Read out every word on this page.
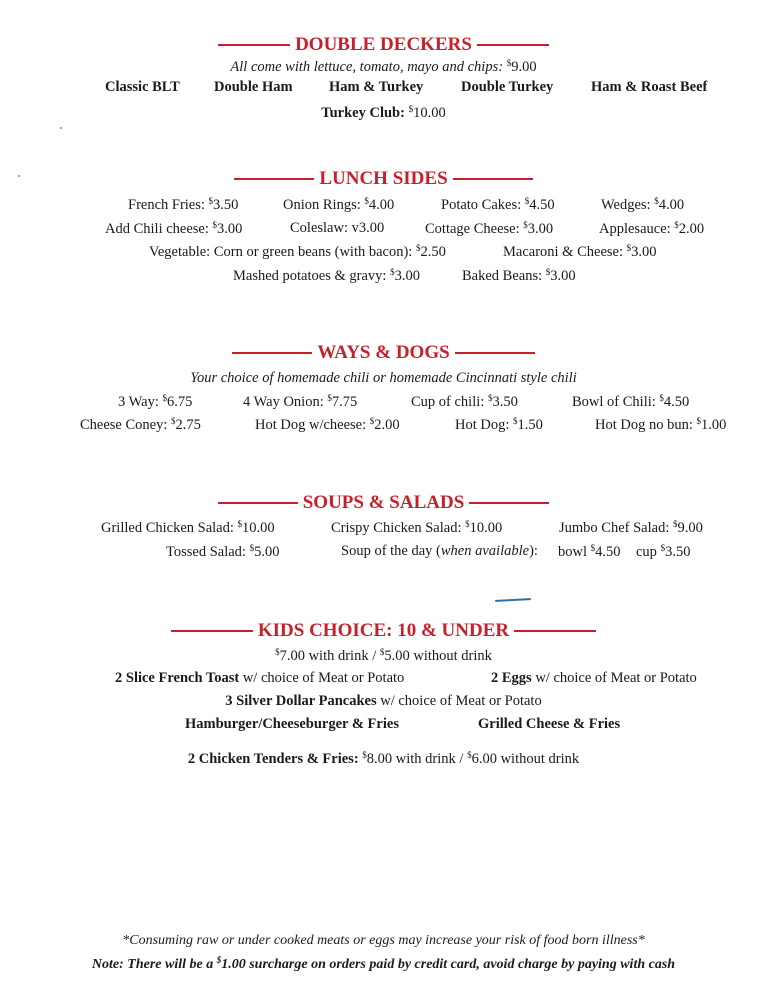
DOUBLE DECKERS
All come with lettuce, tomato, mayo and chips: $9.00
Classic BLT Double Ham	Ham & Turkey	Double Turkey	Ham & Roast Beef
Turkey Club: $10.00
LUNCH SIDES
French Fries: $3.50	Onion Rings: $4.00	Potato Cakes: $4.50	Wedges: $4.00
Add Chili cheese: $3.00	Coleslaw: v3.00	Cottage Cheese: $3.00	Applesauce: $2.00
Vegetable: Corn or green beans (with bacon): $2.50	Macaroni & Cheese: $3.00
Mashed potatoes & gravy: $3.00	Baked Beans: $3.00
WAYS & DOGS
Your choice of homemade chili or homemade Cincinnati style chili
3 Way: $6.75	4 Way Onion: $7.75	Cup of chili: $3.50	Bowl of Chili: $4.50
Cheese Coney: $2.75	Hot Dog w/cheese: $2.00	Hot Dog: $1.50	Hot Dog no bun: $1.00
SOUPS & SALADS
Grilled Chicken Salad: $10.00	Crispy Chicken Salad: $10.00	Jumbo Chef Salad: $9.00
Tossed Salad: $5.00	Soup of the day (when available): bowl $4.50 cup $3.50
KIDS CHOICE: 10 & UNDER
$7.00 with drink / $5.00 without drink
2 Slice French Toast w/ choice of Meat or Potato	2 Eggs w/ choice of Meat or Potato
3 Silver Dollar Pancakes w/ choice of Meat or Potato
Hamburger/Cheeseburger & Fries	Grilled Cheese & Fries
2 Chicken Tenders & Fries: $8.00 with drink / $6.00 without drink
*Consuming raw or under cooked meats or eggs may increase your risk of food born illness*
Note: There will be a $1.00 surcharge on orders paid by credit card, avoid charge by paying with cash
